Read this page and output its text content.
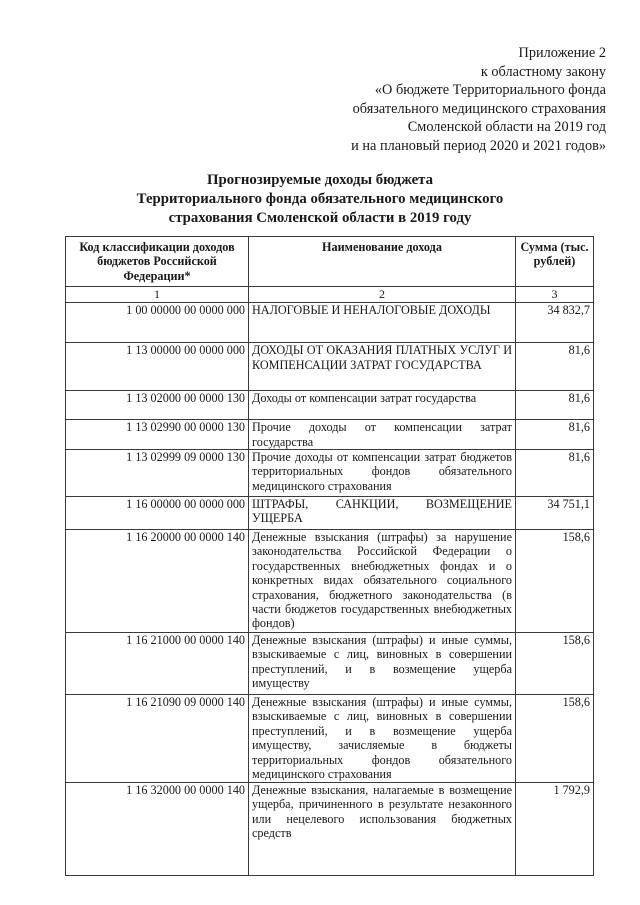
Приложение 2
к областному закону
«О бюджете Территориального фонда
обязательного медицинского страхования
Смоленской области на 2019 год
и на плановый период 2020 и 2021 годов»
Прогнозируемые доходы бюджета
Территориального фонда обязательного медицинского
страхования Смоленской области в 2019 году
Код классификации доходов бюджетов Российской Федерации*	Наименование дохода	Сумма (тыс. рублей)
1	2	3
1 00 00000 00 0000 000	НАЛОГОВЫЕ И НЕНАЛОГОВЫЕ ДОХОДЫ	34 832,7
1 13 00000 00 0000 000	ДОХОДЫ ОТ ОКАЗАНИЯ ПЛАТНЫХ УСЛУГ И КОМПЕНСАЦИИ ЗАТРАТ ГОСУДАРСТВА	81,6
1 13 02000 00 0000 130	Доходы от компенсации затрат государства	81,6
1 13 02990 00 0000 130	Прочие доходы от компенсации затрат государства	81,6
1 13 02999 09 0000 130	Прочие доходы от компенсации затрат бюджетов территориальных фондов обязательного медицинского страхования	81,6
1 16 00000 00 0000 000	ШТРАФЫ, САНКЦИИ, ВОЗМЕЩЕНИЕ УЩЕРБА	34 751,1
1 16 20000 00 0000 140	Денежные взыскания (штрафы) за нарушение законодательства Российской Федерации о государственных внебюджетных фондах и о конкретных видах обязательного социального страхования, бюджетного законодательства (в части бюджетов государственных внебюджетных фондов)	158,6
1 16 21000 00 0000 140	Денежные взыскания (штрафы) и иные суммы, взыскиваемые с лиц, виновных в совершении преступлений, и в возмещение ущерба имуществу	158,6
1 16 21090 09 0000 140	Денежные взыскания (штрафы) и иные суммы, взыскиваемые с лиц, виновных в совершении преступлений, и в возмещение ущерба имуществу, зачисляемые в бюджеты территориальных фондов обязательного медицинского страхования	158,6
1 16 32000 00 0000 140	Денежные взыскания, налагаемые в возмещение ущерба, причиненного в результате незаконного или нецелевого использования бюджетных средств	1 792,9
